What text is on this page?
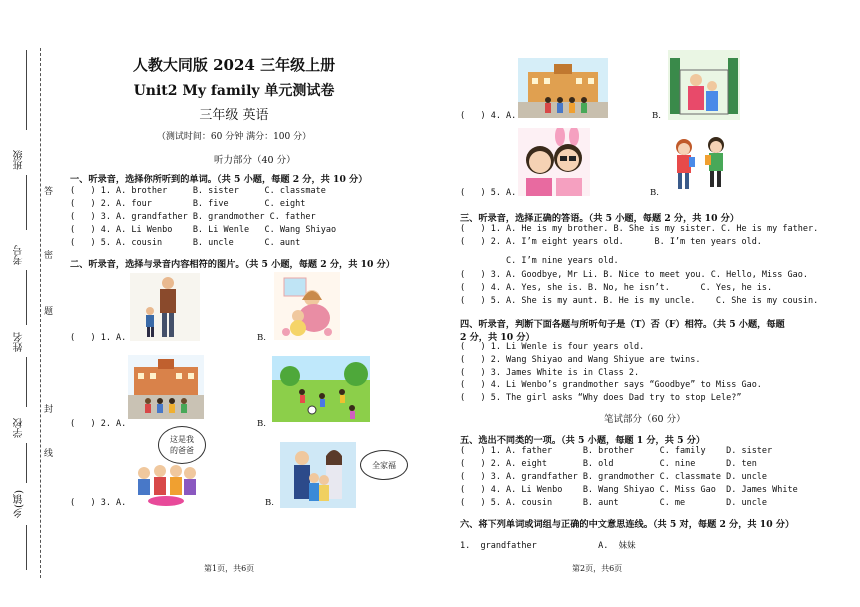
班级
考号
姓名
学校
乡(镇)
答
密
题
封
线
人教大同版 2024 三年级上册
Unit2 My family 单元测试卷
三年级 英语
（测试时间：60 分钟 满分：100 分）
听力部分（40 分）
一、听录音，选择你所听到的单词。（共 5 小题，每题 2 分，共 10 分）
(   ) 1. A. brother     B. sister     C. classmate
(   ) 2. A. four        B. five       C. eight
(   ) 3. A. grandfather B. grandmother C. father
(   ) 4. A. Li Wenbo    B. Li Wenle   C. Wang Shiyao
(   ) 5. A. cousin      B. uncle      C. aunt
二、听录音，选择与录音内容相符的图片。（共 5 小题，每题 2 分，共 10 分）
(   ) 1. A.	B.
(   ) 2. A.	B.
(   ) 3. A.
这是我的爸爸
B.
全家福
第1页，共6页
(   ) 4. A.	B.
(   ) 5. A.	B.
三、听录音，选择正确的答语。（共 5 小题，每题 2 分，共 10 分）
(   ) 1. A. He is my brother. B. She is my sister. C. He is my father.
(   ) 2. A. I’m eight years old.      B. I’m ten years old.
C. I’m nine years old.
(   ) 3. A. Goodbye, Mr Li. B. Nice to meet you. C. Hello, Miss Gao.
(   ) 4. A. Yes, she is. B. No, he isn’t.      C. Yes, he is.
(   ) 5. A. She is my aunt. B. He is my uncle.    C. She is my cousin.
四、听录音，判断下面各题与所听句子是（T）否（F）相符。（共 5 小题，每题
2 分，共 10 分）
(   ) 1. Li Wenle is four years old.
(   ) 2. Wang Shiyao and Wang Shiyue are twins.
(   ) 3. James White is in Class 2.
(   ) 4. Li Wenbo’s grandmother says “Goodbye” to Miss Gao.
(   ) 5. The girl asks “Why does Dad try to stop Lele?”
笔试部分（60 分）
五、选出不同类的一项。（共 5 小题，每题 1 分，共 5 分）
(   ) 1. A. father      B. brother     C. family    D. sister
(   ) 2. A. eight       B. old         C. nine      D. ten
(   ) 3. A. grandfather B. grandmother C. classmate D. uncle
(   ) 4. A. Li Wenbo    B. Wang Shiyao C. Miss Gao  D. James White
(   ) 5. A. cousin      B. aunt        C. me        D. uncle
六、将下列单词或词组与正确的中文意思连线。（共 5 对，每题 2 分，共 10 分）
1.  grandfather            A.  妹妹
第2页，共6页
